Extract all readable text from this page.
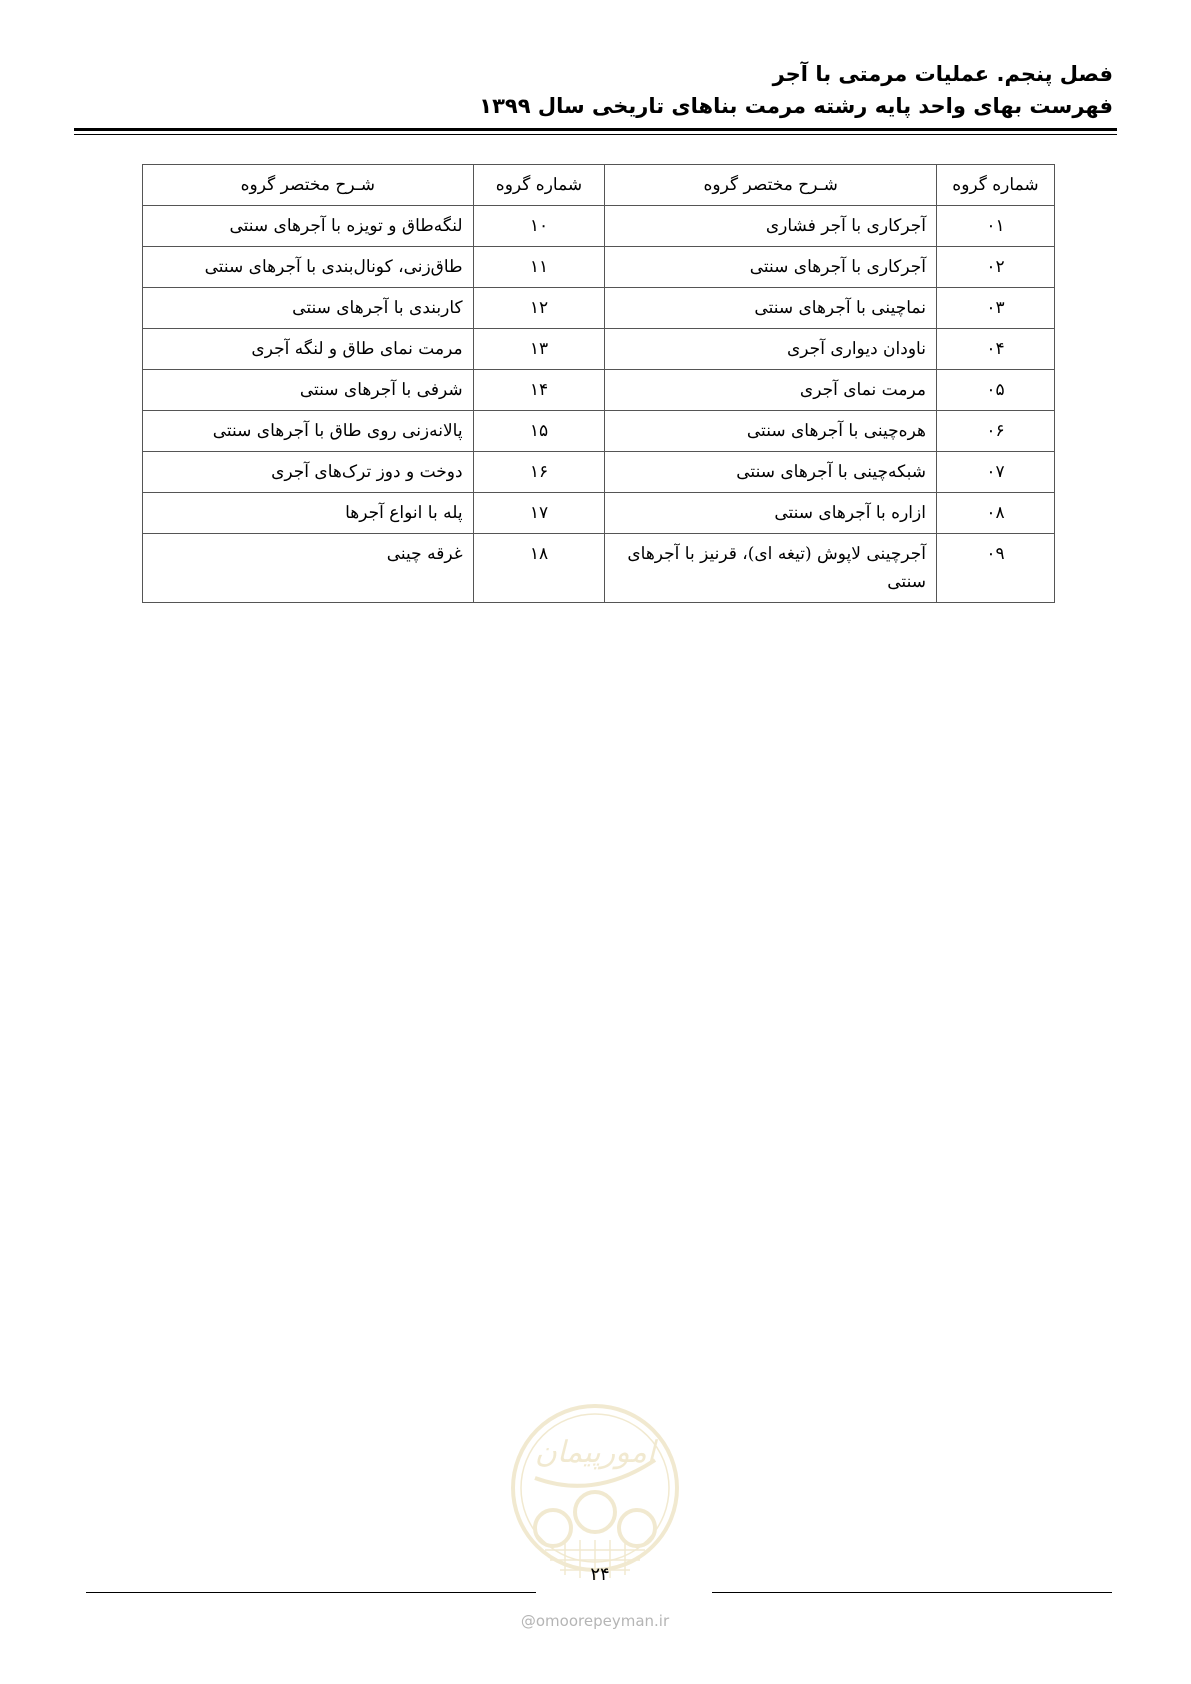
فصل پنجم. عملیات مرمتی با آجر
فهرست بهای واحد پایه رشته مرمت بناهای تاریخی سال ۱۳۹۹
شماره گروه	شـرح مختصر گروه	شماره گروه	شـرح مختصر گروه
۰۱	آجرکاری با آجر فشاری	۱۰	لنگه‌طاق و تویزه با آجرهای سنتی
۰۲	آجرکاری با آجرهای سنتی	۱۱	طاق‌زنی، کونال‌بندی با آجرهای سنتی
۰۳	نماچینی با آجرهای سنتی	۱۲	کاربندی با آجرهای سنتی
۰۴	ناودان دیواری آجری	۱۳	مرمت نمای طاق و لنگه آجری
۰۵	مرمت نمای آجری	۱۴	شرفی با آجرهای سنتی
۰۶	هره‌چینی با آجرهای سنتی	۱۵	پالانه‌زنی روی طاق با آجرهای سنتی
۰۷	شبکه‌چینی با آجرهای سنتی	۱۶	دوخت و دوز ترک‌های آجری
۰۸	ازاره با آجرهای سنتی	۱۷	پله با انواع آجرها
۰۹	آجرچینی لاپوش (تیغه ای)، قرنیز با آجرهای سنتی	۱۸	غرقه چینی
امورپیمان
۲۴
@omoorepeyman.ir
